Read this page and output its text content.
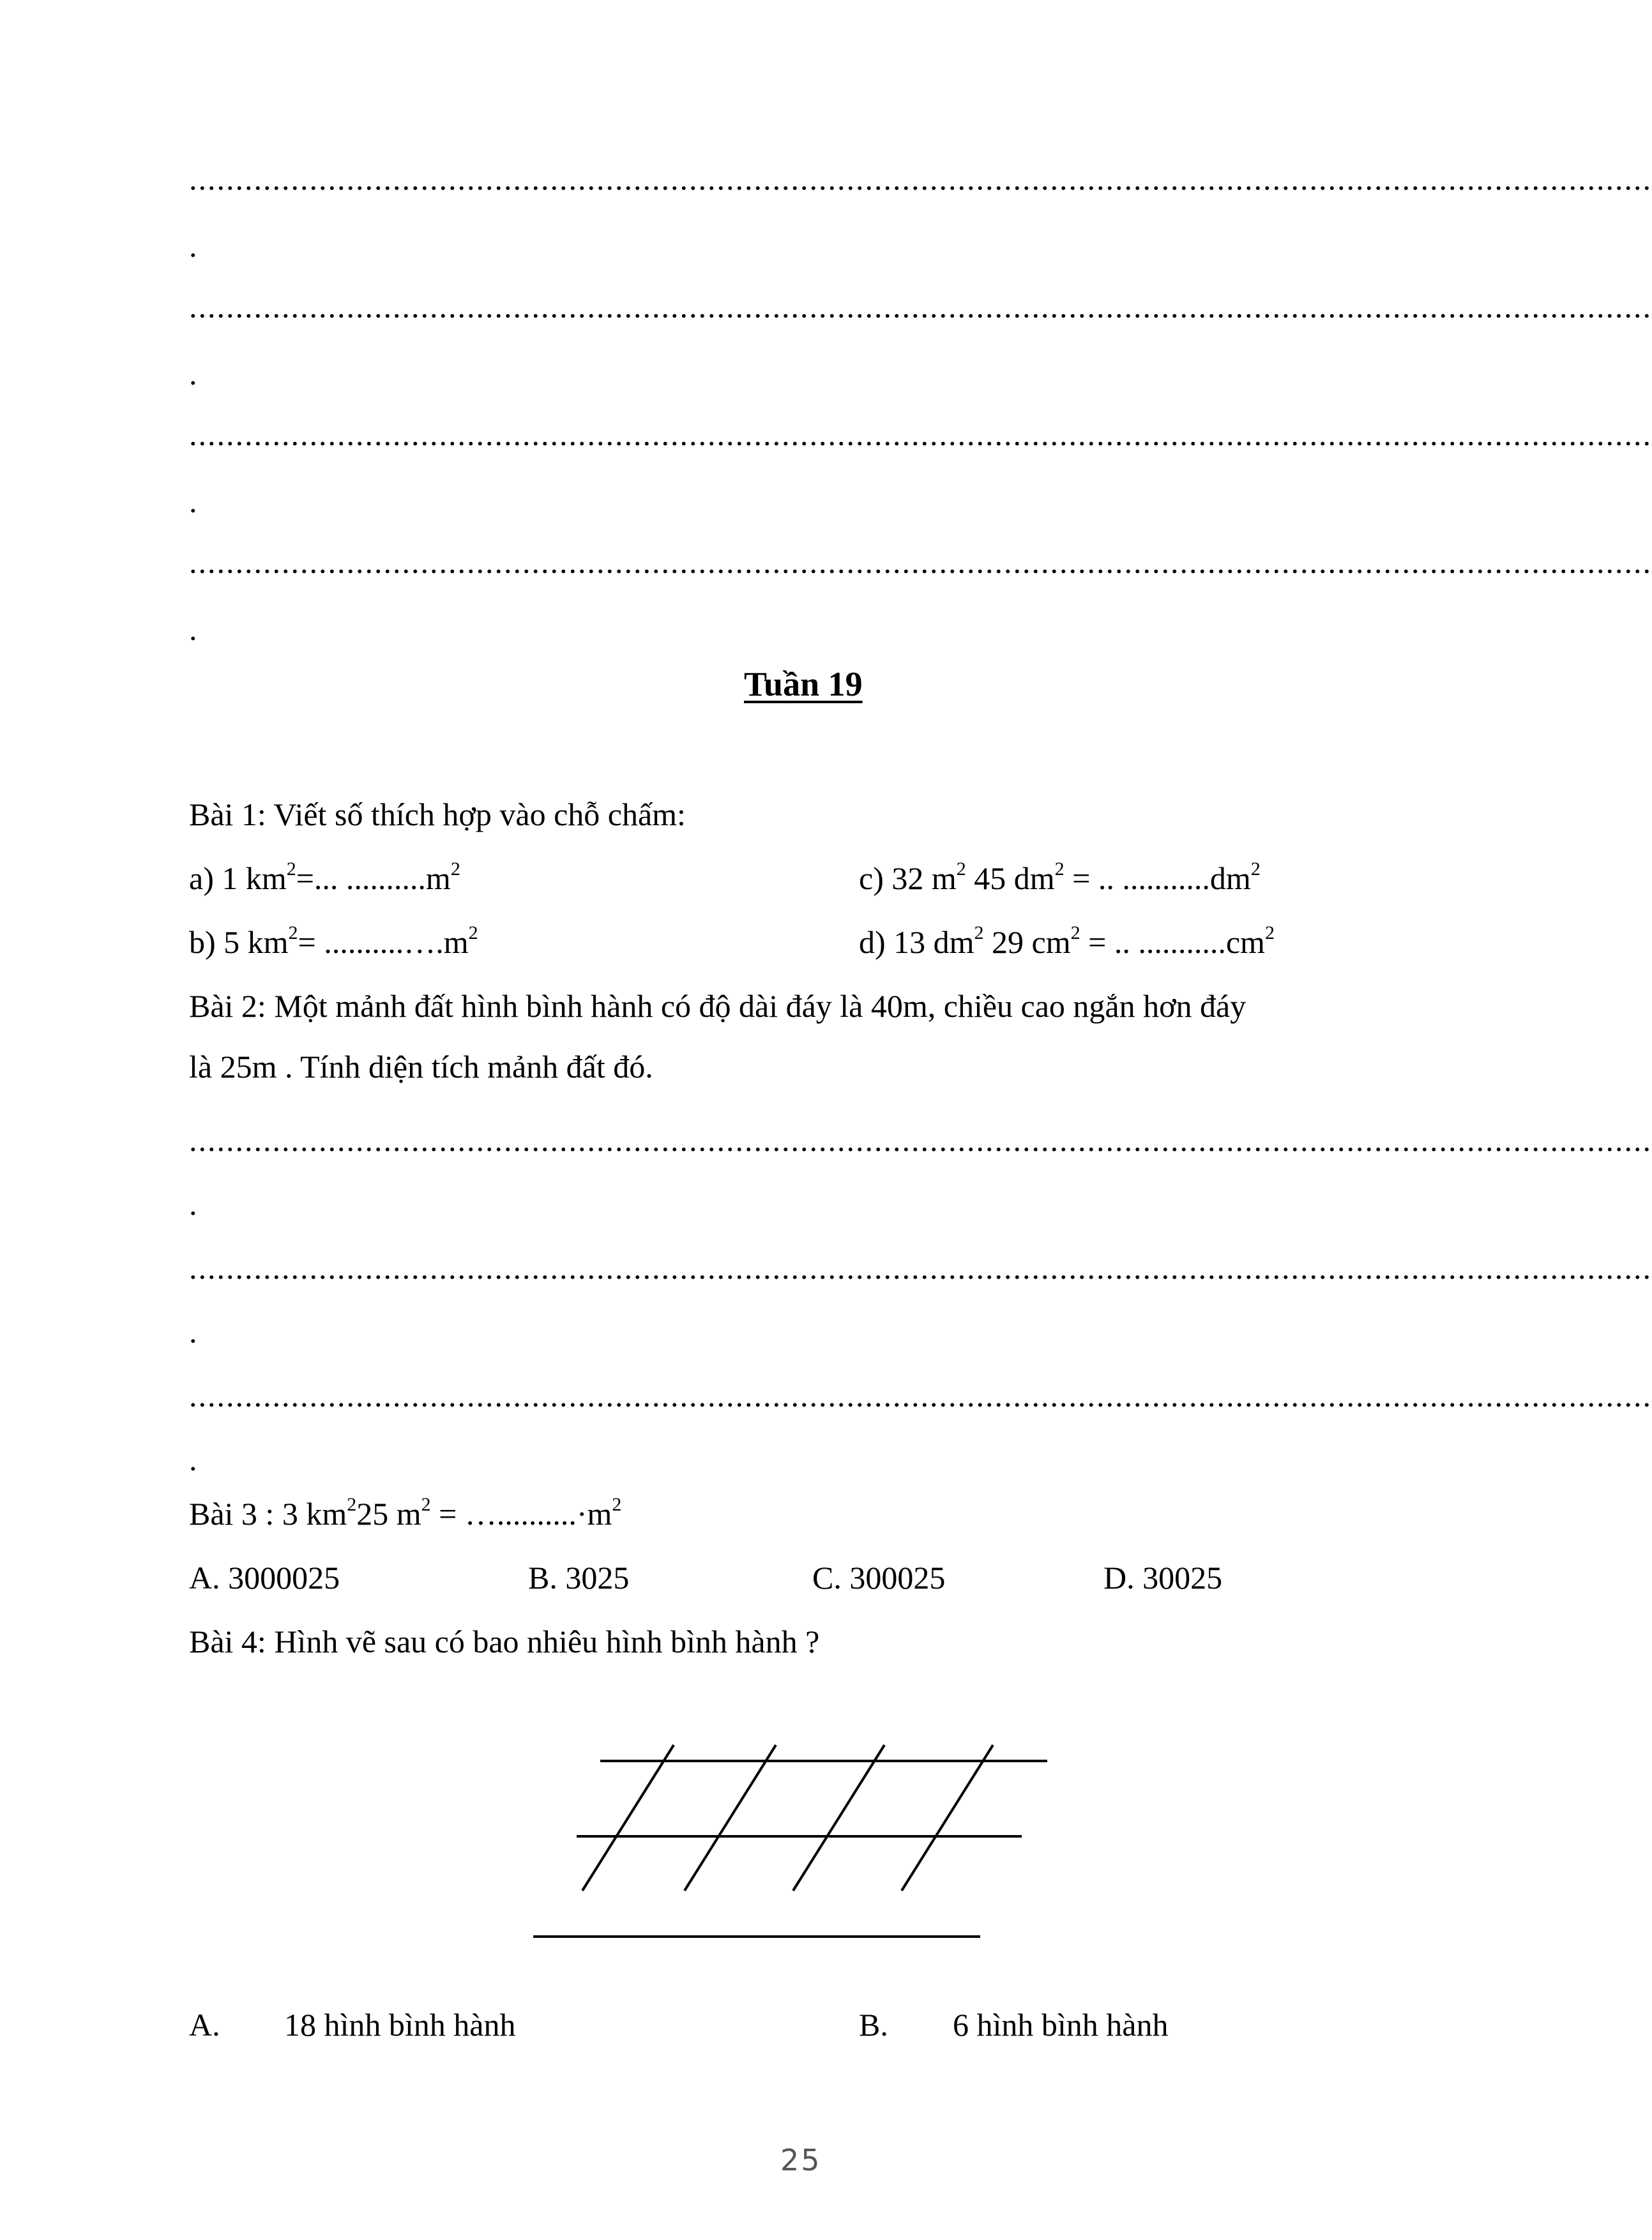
..............................................................................................................................................................
.
..............................................................................................................................................................
.
..............................................................................................................................................................
.
..............................................................................................................................................................
.
Tuần 19
Bài 1: Viết số thích hợp vào chỗ chấm:
a) 1 $km^2=$... $..........m^2$	c) 32 $m^2$ 45 $dm^2$ = .. $...........dm^2$
b) 5 $km^2=$ $..........\dots.m^2$	d) 13 $dm^2$ 29 $cm^2$ = .. $...........cm^2$
Bài 2: Một mảnh đất hình bình hành có độ dài đáy là 40m, chiều cao ngắn hơn đáy
là 25m . Tính diện tích mảnh đất đó.
..............................................................................................................................................................
.
..............................................................................................................................................................
.
..............................................................................................................................................................
.
Bài 3 : 3 $km^225$ $m^2$ = $\dots..........\cdot m^2$
A. 3000025	B. 3025	C. 300025	D. 30025
Bài 4: Hình vẽ sau có bao nhiêu hình bình hành ?
A. 18 hình bình hành	B. 6 hình bình hành
25
